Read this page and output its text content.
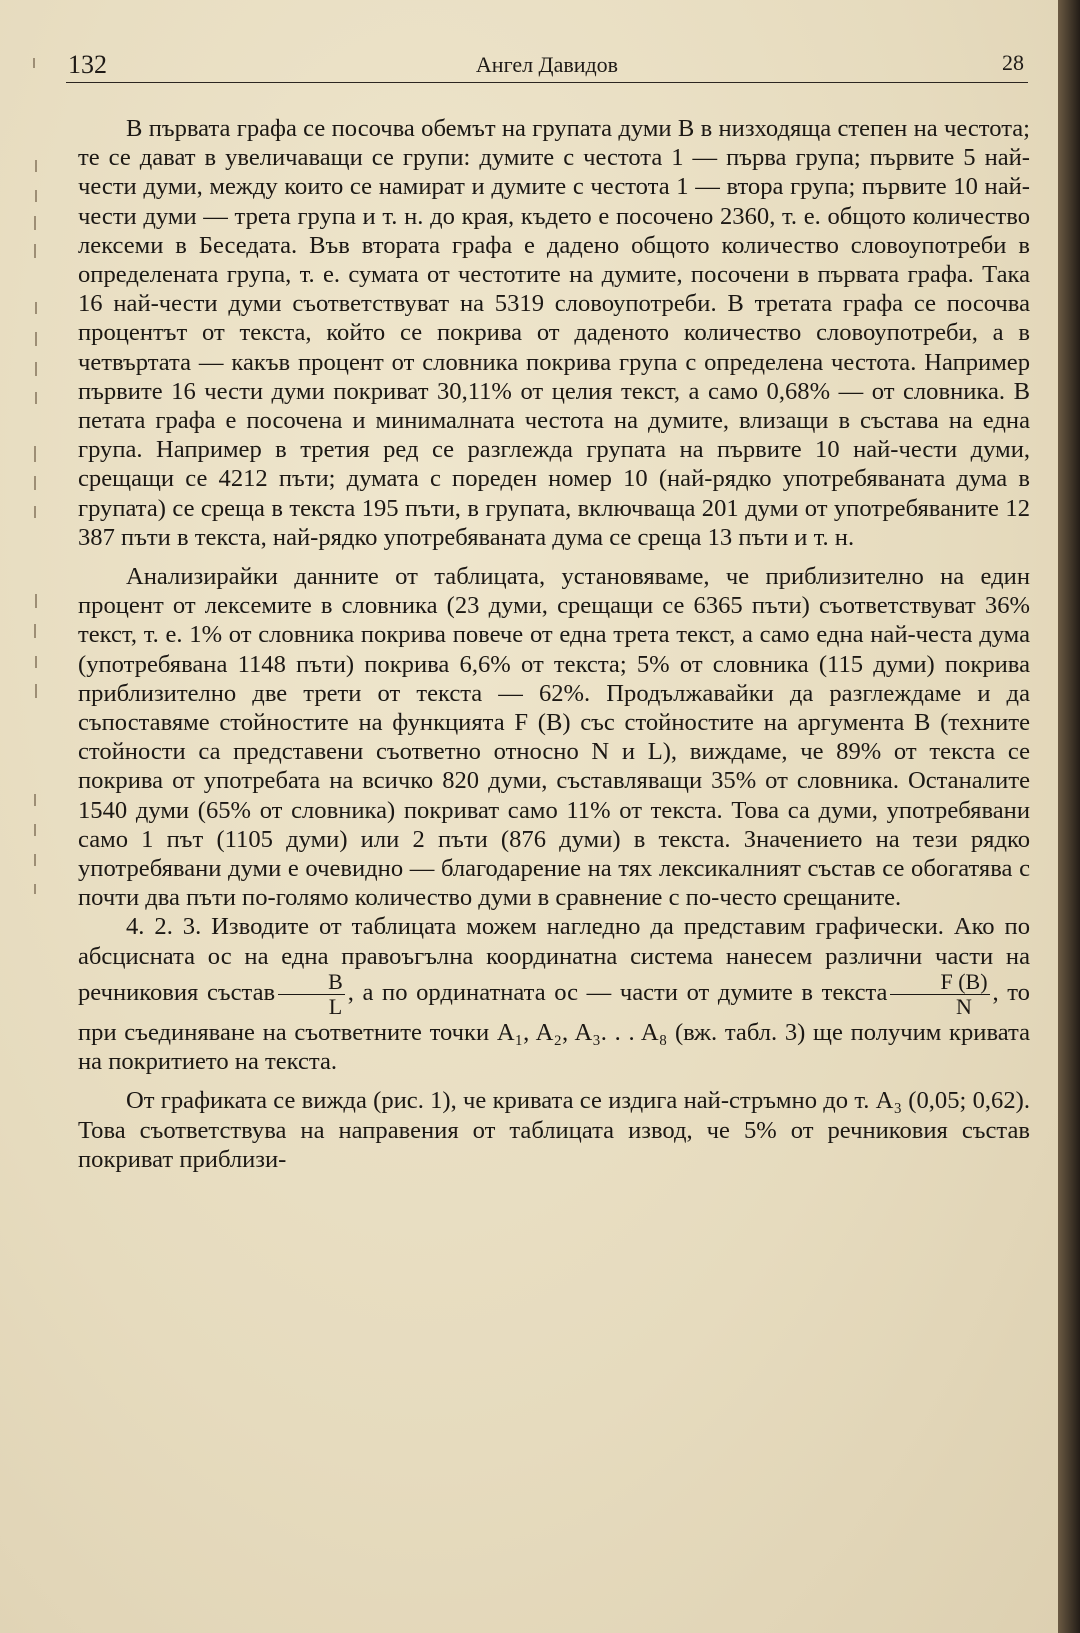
132	Ангел Давидов	28

В първата графа се посочва обемът на групата думи В в низходяща степен на честота; те се дават в увеличаващи се групи: думите с честота 1 — първа група; първите 5 най-чести думи, между които се намират и думите с честота 1 — втора група; първите 10 най-чести думи — трета група и т. н. до края, където е посочено 2360, т. е. общото количество лексеми в Беседата. Във втората графа е дадено общото количество словоупотреби в определената група, т. е. сумата от честотите на думите, посочени в първата графа. Така 16 най-чести думи съответствуват на 5319 словоупотреби. В третата графа се посочва процентът от текста, който се покрива от даденото количество словоупотреби, а в четвъртата — какъв процент от словника покрива група с определена честота. Например първите 16 чести думи покриват 30,11% от целия текст, а само 0,68% — от словника. В петата графа е посочена и минималната честота на думите, влизащи в състава на една група. Например в третия ред се разглежда групата на първите 10 най-чести думи, срещащи се 4212 пъти; думата с пореден номер 10 (най-рядко употребяваната дума в групата) се среща в текста 195 пъти, в групата, включваща 201 думи от употребяваните 12 387 пъти в текста, най-рядко употребяваната дума се среща 13 пъти и т. н.

Анализирайки данните от таблицата, установяваме, че приблизително на един процент от лексемите в словника (23 думи, срещащи се 6365 пъти) съответствуват 36% текст, т. е. 1% от словника покрива повече от една трета текст, а само една най-честа дума (употребявана 1148 пъти) покрива 6,6% от текста; 5% от словника (115 думи) покрива приблизително две трети от текста — 62%. Продължавайки да разглеждаме и да съпоставяме стойностите на функцията F (B) със стойностите на аргумента В (техните стойности са представени съответно относно N и L), виждаме, че 89% от текста се покрива от употребата на всичко 820 думи, съставляващи 35% от словника. Останалите 1540 думи (65% от словника) покриват само 11% от текста. Това са думи, употребявани само 1 път (1105 думи) или 2 пъти (876 думи) в текста. Значението на тези рядко употребявани думи е очевидно — благодарение на тях лексикалният състав се обогатява с почти два пъти по-голямо количество думи в сравнение с по-често срещаните.

4. 2. 3. Изводите от таблицата можем нагледно да представим графически. Ако по абсцисната ос на една правоъгълна координатна система нанесем различни части на речниковия състав $\frac{B}{L}$ , а по ординатната ос — части от думите в текста $\frac{F (B)}{N}$ , то при съединяване на съответните точки A₁, A₂, A₃. . . A₈ (вж. табл. 3) ще получим кривата на покритието на текста.

От графиката се вижда (рис. 1), че кривата се издига най-стръмно до т. A₃ (0,05; 0,62). Това съответствува на направения от таблицата извод, че 5% от речниковия състав покриват приблизи-
